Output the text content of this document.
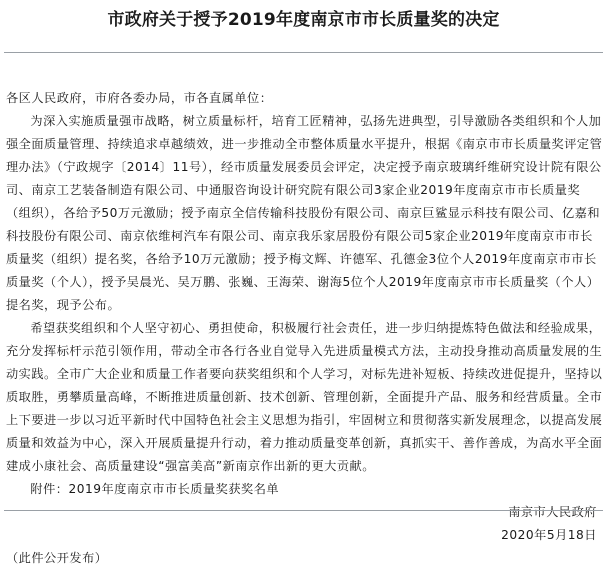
市政府关于授予2019年度南京市市长质量奖的决定

各区人民政府，市府各委办局，市各直属单位：

为深入实施质量强市战略，树立质量标杆，培育工匠精神，弘扬先进典型，引导激励各类组织和个人加强全面质量管理、持续追求卓越绩效，进一步推动全市整体质量水平提升，根据《南京市市长质量奖评定管理办法》（宁政规字〔2014〕11号），经市质量发展委员会评定，决定授予南京玻璃纤维研究设计院有限公司、南京工艺装备制造有限公司、中通服咨询设计研究院有限公司3家企业2019年度南京市市长质量奖（组织），各给予50万元激励；授予南京全信传输科技股份有限公司、南京巨鲨显示科技有限公司、亿嘉和科技股份有限公司、南京依维柯汽车有限公司、南京我乐家居股份有限公司5家企业2019年度南京市市长质量奖（组织）提名奖，各给予10万元激励；授予梅文辉、许德军、孔德金3位个人2019年度南京市市长质量奖（个人），授予吴晨光、吴万鹏、张巍、王海荣、谢海5位个人2019年度南京市市长质量奖（个人）提名奖，现予公布。

希望获奖组织和个人坚守初心、勇担使命，积极履行社会责任，进一步归纳提炼特色做法和经验成果，充分发挥标杆示范引领作用，带动全市各行各业自觉导入先进质量模式方法，主动投身推动高质量发展的生动实践。全市广大企业和质量工作者要向获奖组织和个人学习，对标先进补短板、持续改进促提升，坚持以质取胜，勇攀质量高峰，不断推进质量创新、技术创新、管理创新，全面提升产品、服务和经营质量。全市上下要进一步以习近平新时代中国特色社会主义思想为指引，牢固树立和贯彻落实新发展理念，以提高发展质量和效益为中心，深入开展质量提升行动，着力推动质量变革创新，真抓实干、善作善成，为高水平全面建成小康社会、高质量建设“强富美高”新南京作出新的更大贡献。

附件：2019年度南京市市长质量奖获奖名单

南京市人民政府

2020年5月18日

（此件公开发布）
